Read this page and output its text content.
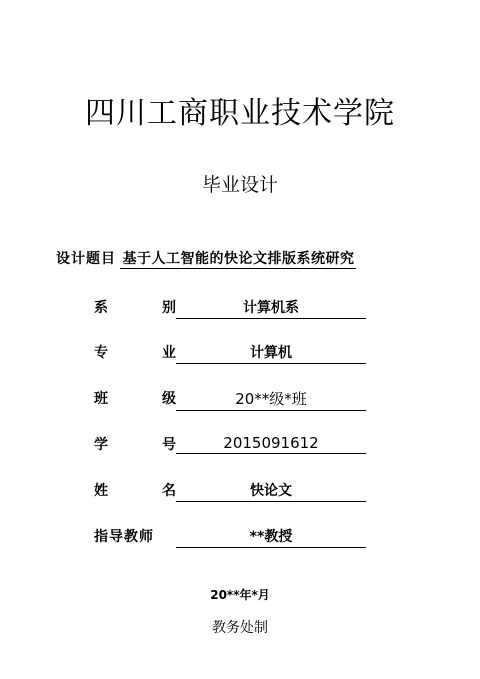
四川工商职业技术学院
毕业设计
设计题目 基于人工智能的快论文排版系统研究
系	别	计算机系
专	业	计算机
班	级	20**级*班
学	号	2015091612
姓	名	快论文
指导教师	**教授
20**年*月
教务处制
